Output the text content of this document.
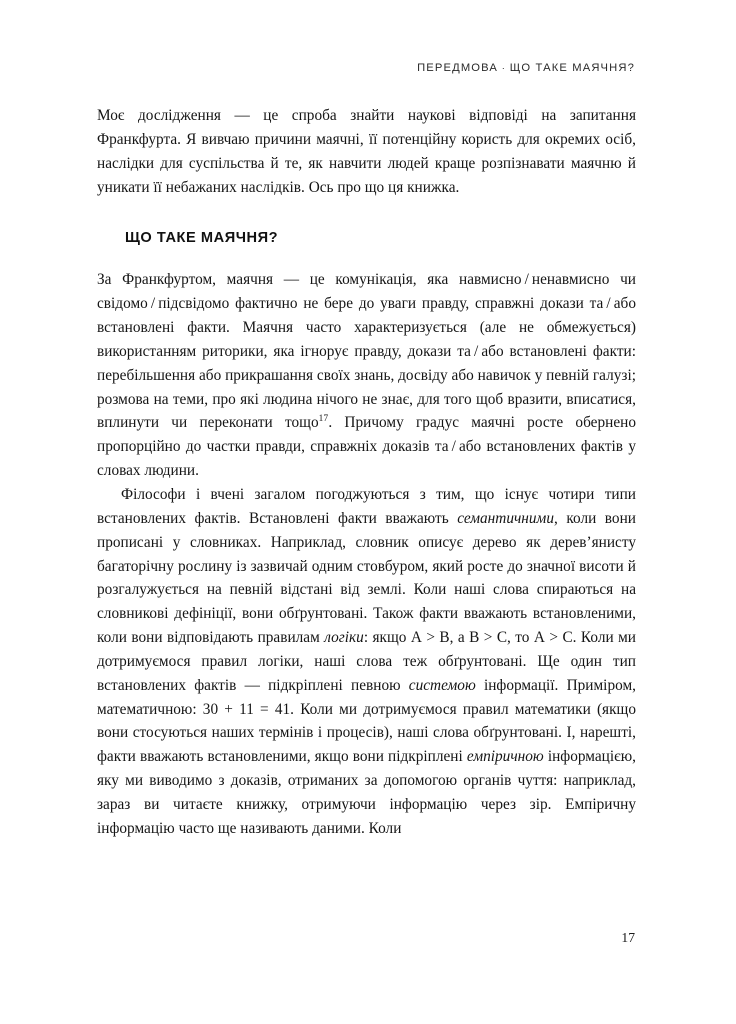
ПЕРЕДМОВА · ЩО ТАКЕ МАЯЧНЯ?

Моє дослідження — це спроба знайти наукові відповіді на запитання Франкфурта. Я вивчаю причини маячні, її потенційну користь для окремих осіб, наслідки для суспільства й те, як навчити людей краще розпізнавати маячню й уникати її небажаних наслідків. Ось про що ця книжка.

ЩО ТАКЕ МАЯЧНЯ?

За Франкфуртом, маячня — це комунікація, яка навмисно / ненавмисно чи свідомо / підсвідомо фактично не бере до уваги правду, справжні докази та / або встановлені факти. Маячня часто характеризується (але не обмежується) використанням риторики, яка ігнорує правду, докази та / або встановлені факти: перебільшення або прикрашання своїх знань, досвіду або навичок у певній галузі; розмова на теми, про які людина нічого не знає, для того щоб вразити, вписатися, вплинути чи переконати тощо$^{17}$. Причому градус маячні росте обернено пропорційно до частки правди, справжніх доказів та / або встановлених фактів у словах людини.

Філософи і вчені загалом погоджуються з тим, що існує чотири типи встановлених фактів. Встановлені факти вважають семантичними, коли вони прописані у словниках. Наприклад, словник описує дерево як дерев’янисту багаторічну рослину із зазвичай одним стовбуром, який росте до значної висоти й розгалужується на певній відстані від землі. Коли наші слова спираються на словникові дефініції, вони обґрунтовані. Також факти вважають встановленими, коли вони відповідають правилам логіки: якщо А > В, а В > С, то А > С. Коли ми дотримуємося правил логіки, наші слова теж обґрунтовані. Ще один тип встановлених фактів — підкріплені певною системою інформації. Приміром, математичною: 30 + 11 = 41. Коли ми дотримуємося правил математики (якщо вони стосуються наших термінів і процесів), наші слова обґрунтовані. І, нарешті, факти вважають встановленими, якщо вони підкріплені емпіричною інформацією, яку ми виводимо з доказів, отриманих за допомогою органів чуття: наприклад, зараз ви читаєте книжку, отримуючи інформацію через зір. Емпіричну інформацію часто ще називають даними. Коли

17
